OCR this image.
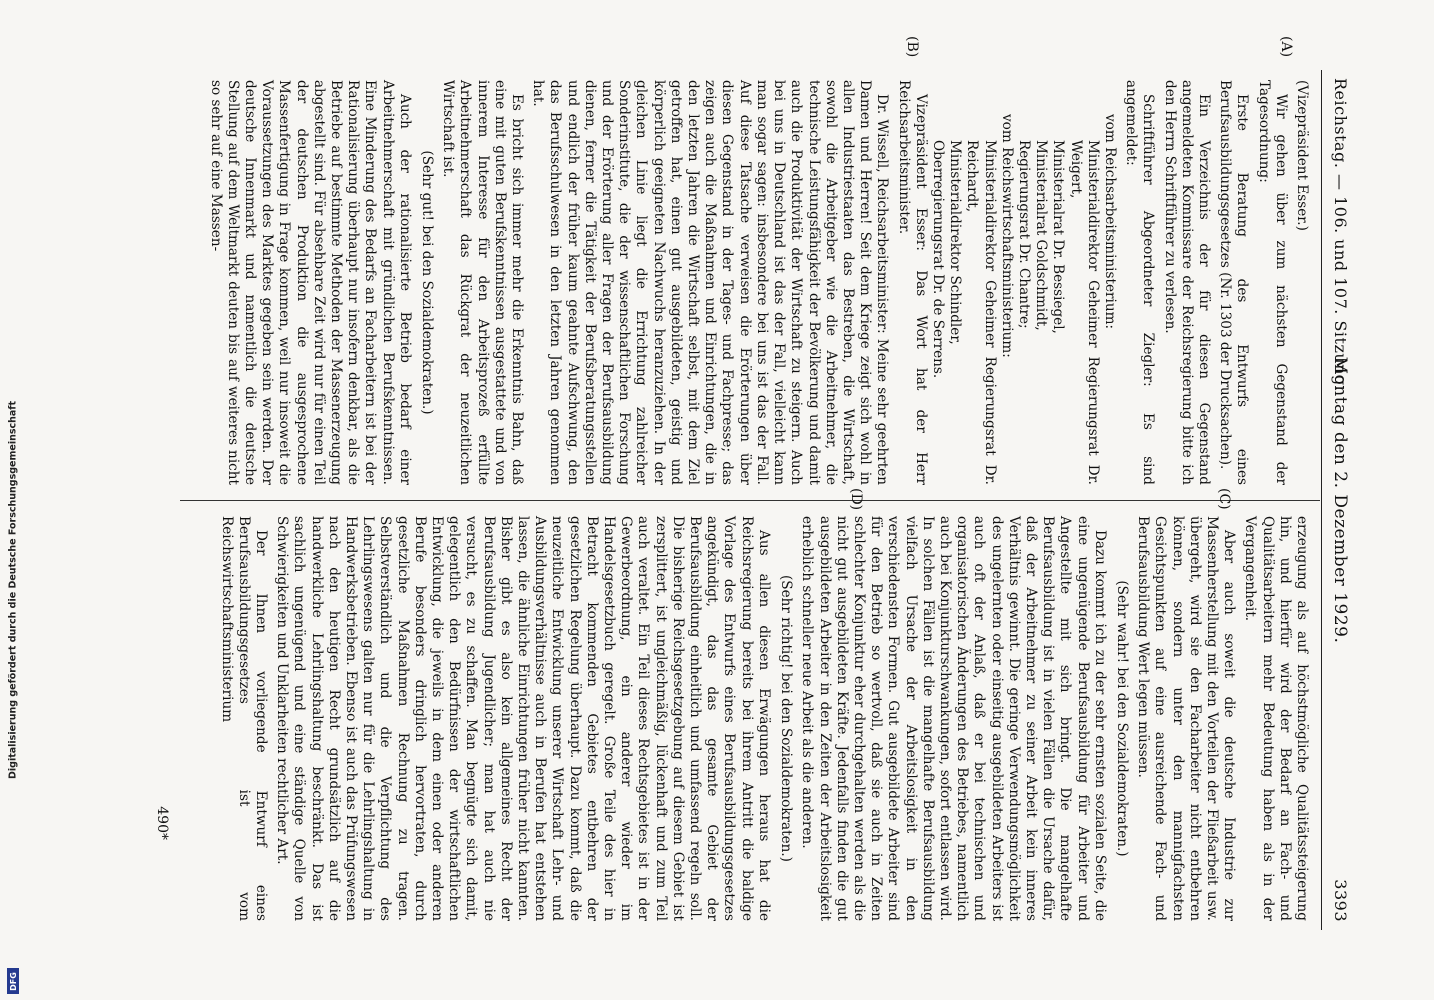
Digitalisierung gefördert durch die Deutsche Forschungsgemeinschaft
DFG
Reichstag. — 106. und 107. Sitzung.
Montag den 2. Dezember 1929.
3393
(A)
(B)
(C)
(D)

(Vizepräsident Esser.)

Wir gehen über zum nächsten Gegenstand der Tagesordnung:

Erste Beratung des Entwurfs eines Berufsausbildungsgesetzes (Nr. 1303 der Drucksachen).

Ein Verzeichnis der für diesen Gegenstand angemeldeten Kommissare der Reichsregierung bitte ich den Herrn Schriftführer zu verlesen.

Schriftführer Abgeordneter Ziegler: Es sind angemeldet:

vom Reichsarbeitsministerium:

Ministerialdirektor Geheimer Regierungsrat Dr. Weigert,

Ministerialrat Dr. Bessiegel,

Ministerialrat Goldschmidt,

Regierungsrat Dr. Chantre;

vom Reichswirtschaftsministerium:

Ministerialdirektor Geheimer Regierungsrat Dr. Reichardt,

Ministerialdirektor Schindler,

Oberregierungsrat Dr. de Serrens.

Vizepräsident Esser: Das Wort hat der Herr Reichsarbeitsminister.

Dr. Wissell, Reichsarbeitsminister: Meine sehr geehrten Damen und Herren! Seit dem Kriege zeigt sich wohl in allen Industriestaaten das Bestreben, die Wirtschaft, sowohl die Arbeitgeber wie die Arbeitnehmer, die technische Leistungsfähigkeit der Bevölkerung und damit auch die Produktivität der Wirtschaft zu steigern. Auch bei uns in Deutschland ist das der Fall, vielleicht kann man sogar sagen: insbesondere bei uns ist das der Fall. Auf diese Tatsache verweisen die Erörterungen über diesen Gegenstand in der Tages- und Fachpresse; das zeigen auch die Maßnahmen und Einrichtungen, die in den letzten Jahren die Wirtschaft selbst, mit dem Ziel getroffen hat, einen gut ausgebildeten, geistig und körperlich geeigneten Nachwuchs heranzuziehen. In der gleichen Linie liegt die Errichtung zahlreicher Sonderinstitute, die der wissenschaftlichen Forschung und der Erörterung aller Fragen der Berufsausbildung dienen, ferner die Tätigkeit der Berufsberatungsstellen und endlich der früher kaum geahnte Aufschwung, den das Berufsschulwesen in den letzten Jahren genommen hat.

Es bricht sich immer mehr die Erkenntnis Bahn, daß eine mit guten Berufskenntnissen ausgestattete und von innerem Interesse für den Arbeitsprozeß erfüllte Arbeitnehmerschaft das Rückgrat der neuzeitlichen Wirtschaft ist.

(Sehr gut! bei den Sozialdemokraten.)

Auch der rationalisierte Betrieb bedarf einer Arbeitnehmerschaft mit gründlichen Berufskenntnissen. Eine Minderung des Bedarfs an Facharbeitern ist bei der Rationalisierung überhaupt nur insofern denkbar, als die Betriebe auf bestimmte Methoden der Massenerzeugung abgestellt sind. Für absehbare Zeit wird nur für einen Teil der deutschen Produktion die ausgesprochene Massenfertigung in Frage kommen, weil nur insoweit die Voraussetzungen des Marktes gegeben sein werden. Der deutsche Innenmarkt und namentlich die deutsche Stellung auf dem Weltmarkt deuten bis auf weiteres nicht so sehr auf eine Massen-

erzeugung als auf höchstmögliche Qualitätssteigerung hin, und hierfür wird der Bedarf an Fach- und Qualitätsarbeitern mehr Bedeutung haben als in der Vergangenheit.

Aber auch soweit die deutsche Industrie zur Massenherstellung mit den Vorteilen der Fließarbeit usw. übergeht, wird sie den Facharbeiter nicht entbehren können, sondern unter den mannigfachsten Gesichtspunkten auf eine ausreichende Fach- und Berufsausbildung Wert legen müssen.

(Sehr wahr! bei den Sozialdemokraten.)

Dazu kommt ich zu der sehr ernsten sozialen Seite, die eine ungenügende Berufsausbildung für Arbeiter und Angestellte mit sich bringt. Die mangelhafte Berufsausbildung ist in vielen Fällen die Ursache dafür, daß der Arbeitnehmer zu seiner Arbeit kein inneres Verhältnis gewinnt. Die geringe Verwendungsmöglichkeit des ungelernten oder einseitig ausgebildeten Arbeiters ist auch oft der Anlaß, daß er bei technischen und organisatorischen Änderungen des Betriebes, namentlich auch bei Konjunkturschwankungen, sofort entlassen wird. In solchen Fällen ist die mangelhafte Berufsausbildung vielfach Ursache der Arbeitslosigkeit in den verschiedensten Formen. Gut ausgebildete Arbeiter sind für den Betrieb so wertvoll, daß sie auch in Zeiten schlechter Konjunktur eher durchgehalten werden als die nicht gut ausgebildeten Kräfte. Jedenfalls finden die gut ausgebildeten Arbeiter in den Zeiten der Arbeitslosigkeit erheblich schneller neue Arbeit als die anderen.

(Sehr richtig! bei den Sozialdemokraten.)

Aus allen diesen Erwägungen heraus hat die Reichsregierung bereits bei ihrem Antritt die baldige Vorlage des Entwurfs eines Berufsausbildungsgesetzes angekündigt, das das gesamte Gebiet der Berufsausbildung einheitlich und umfassend regeln soll. Die bisherige Reichsgesetzgebung auf diesem Gebiet ist zersplittert, ist ungleichmäßig, lückenhaft und zum Teil auch veraltet. Ein Teil dieses Rechtsgebietes ist in der Gewerbeordnung, ein anderer wieder im Handelsgesetzbuch geregelt. Große Teile des hier in Betracht kommenden Gebietes entbehren der gesetzlichen Regelung überhaupt. Dazu kommt, daß die neuzeitliche Entwicklung unserer Wirtschaft Lehr- und Ausbildungsverhältnisse auch in Berufen hat entstehen lassen, die ähnliche Einrichtungen früher nicht kannten. Bisher gibt es also kein allgemeines Recht der Berufsausbildung Jugendlicher; man hat auch nie versucht, es zu schaffen. Man begnügte sich damit, gelegentlich den Bedürfnissen der wirtschaftlichen Entwicklung, die jeweils in dem einen oder anderen Berufe besonders dringlich hervortraten, durch gesetzliche Maßnahmen Rechnung zu tragen. Selbstverständlich und die Verpflichtung des Lehrlingswesens galten nur für die Lehrlingshaltung in Handwerksbetrieben. Ebenso ist auch das Prüfungswesen nach den heutigen Recht grundsätzlich auf die handwerkliche Lehrlingshaltung beschränkt. Das ist sachlich ungenügend und eine ständige Quelle von Schwierigkeiten und Unklarheiten rechtlicher Art.

Der Ihnen vorliegende Entwurf eines Berufsausbildungsgesetzes ist vom Reichswirtschaftsministerium

490*
